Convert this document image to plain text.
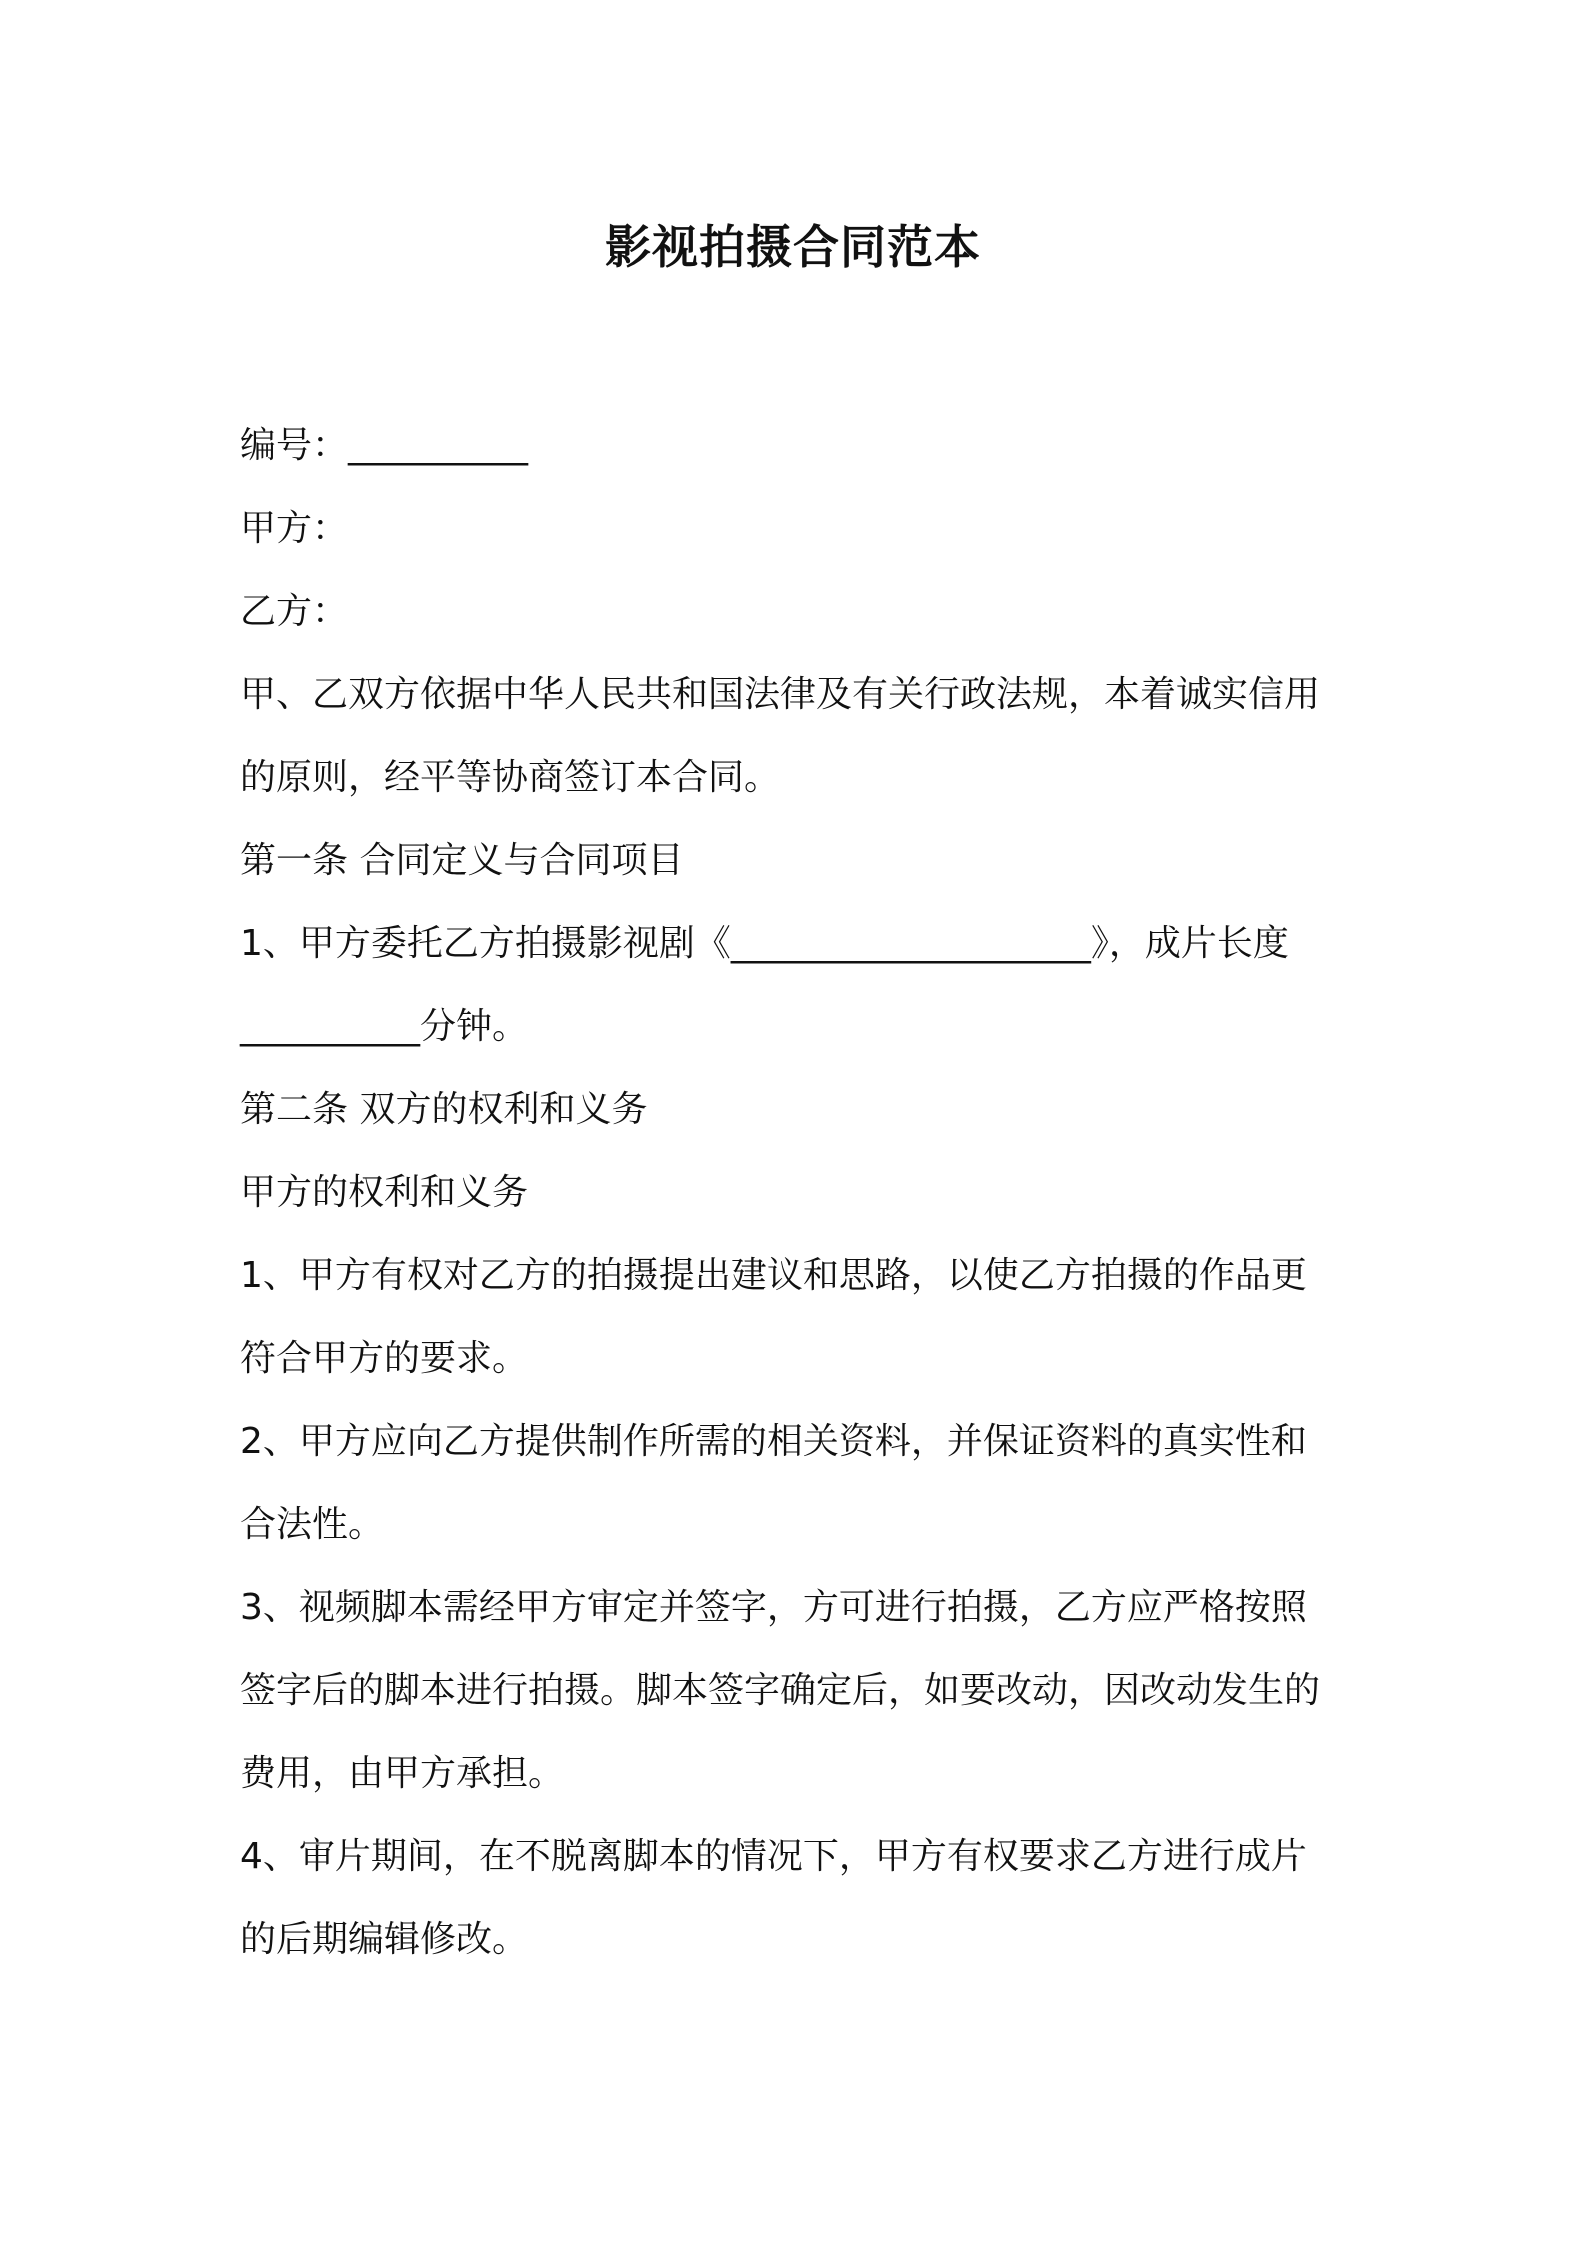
影视拍摄合同范本
编号：__________
甲方：
乙方：
甲、乙双方依据中华人民共和国法律及有关行政法规，本着诚实信用
的原则，经平等协商签订本合同。
第一条 合同定义与合同项目
1、甲方委托乙方拍摄影视剧《____________________》，成片长度
__________分钟。
第二条 双方的权利和义务
甲方的权利和义务
1、甲方有权对乙方的拍摄提出建议和思路，以使乙方拍摄的作品更
符合甲方的要求。
2、甲方应向乙方提供制作所需的相关资料，并保证资料的真实性和
合法性。
3、视频脚本需经甲方审定并签字，方可进行拍摄，乙方应严格按照
签字后的脚本进行拍摄。脚本签字确定后，如要改动，因改动发生的
费用，由甲方承担。
4、审片期间，在不脱离脚本的情况下，甲方有权要求乙方进行成片
的后期编辑修改。
